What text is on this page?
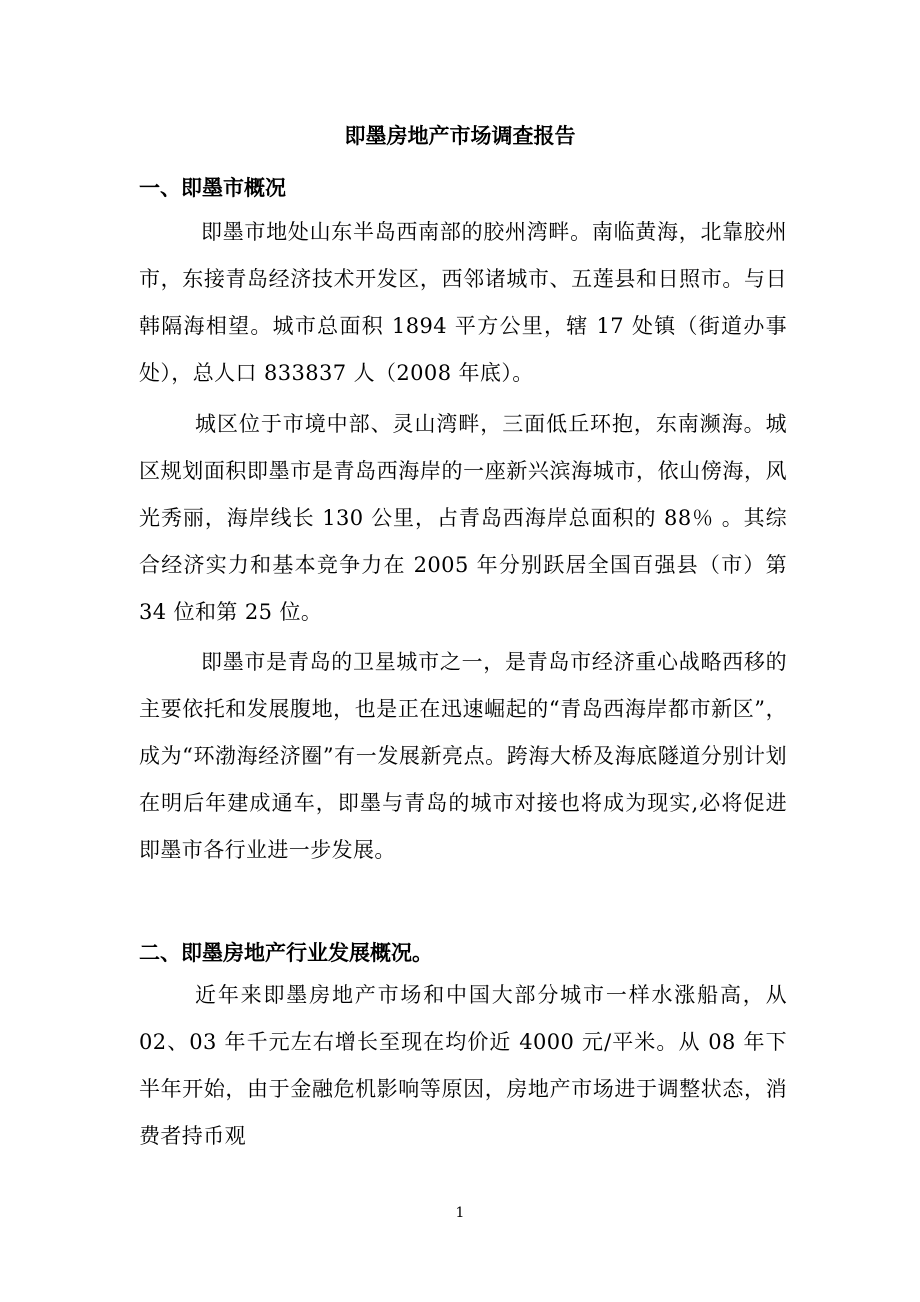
即墨房地产市场调查报告
一、即墨市概况

即墨市地处山东半岛西南部的胶州湾畔。南临黄海，北靠胶州市，东接青岛经济技术开发区，西邻诸城市、五莲县和日照市。与日韩隔海相望。城市总面积 1894 平方公里，辖 17 处镇（街道办事处），总人口 833837 人（2008 年底）。

城区位于市境中部、灵山湾畔，三面低丘环抱，东南濒海。城区规划面积即墨市是青岛西海岸的一座新兴滨海城市，依山傍海，风光秀丽，海岸线长 130 公里，占青岛西海岸总面积的 88％ 。其综合经济实力和基本竞争力在 2005 年分别跃居全国百强县（市）第 34 位和第 25 位。

即墨市是青岛的卫星城市之一，是青岛市经济重心战略西移的主要依托和发展腹地，也是正在迅速崛起的“青岛西海岸都市新区”，成为“环渤海经济圈”有一发展新亮点。跨海大桥及海底隧道分别计划在明后年建成通车，即墨与青岛的城市对接也将成为现实,必将促进即墨市各行业进一步发展。

二、即墨房地产行业发展概况。

近年来即墨房地产市场和中国大部分城市一样水涨船高，从 02、03 年千元左右增长至现在均价近 4000 元/平米。从 08 年下半年开始，由于金融危机影响等原因，房地产市场进于调整状态，消费者持币观

1
